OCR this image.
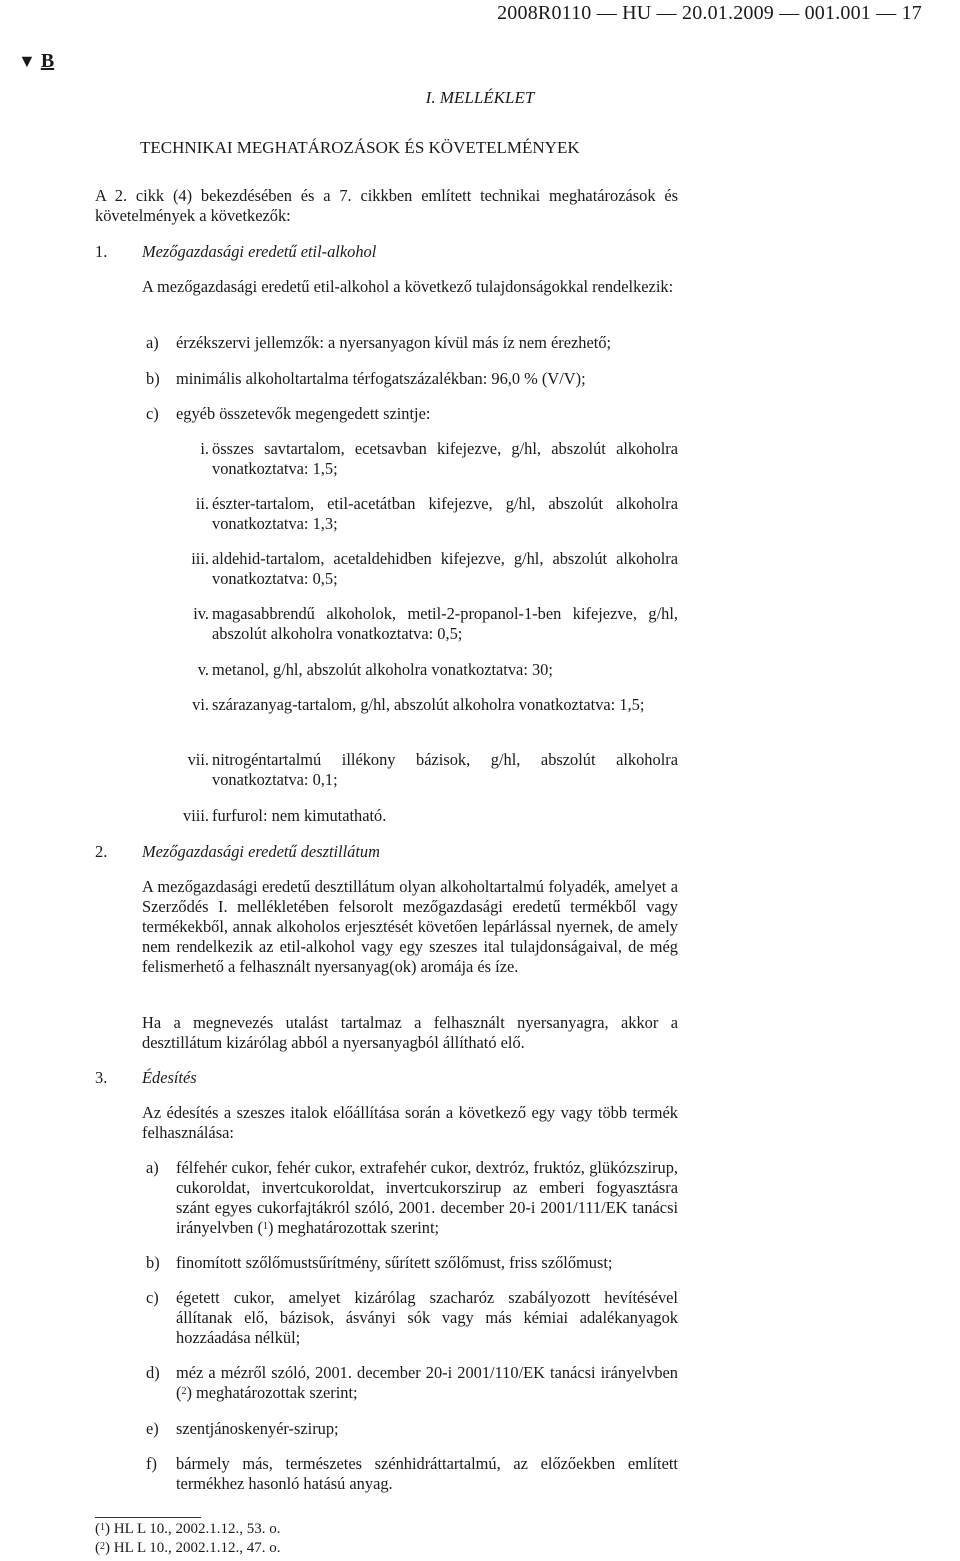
2008R0110 — HU — 20.01.2009 — 001.001 — 17
▼ B
I. MELLÉKLET
TECHNIKAI MEGHATÁROZÁSOK ÉS KÖVETELMÉNYEK
A 2. cikk (4) bekezdésében és a 7. cikkben említett technikai meghatározások és követelmények a következők:
1. Mezőgazdasági eredetű etil-alkohol
A mezőgazdasági eredetű etil-alkohol a következő tulajdonságokkal rendelkezik:
a) érzékszervi jellemzők: a nyersanyagon kívül más íz nem érezhető;
b) minimális alkoholtartalma térfogatszázalékban: 96,0 % (V/V);
c) egyéb összetevők megengedett szintje:
i. összes savtartalom, ecetsavban kifejezve, g/hl, abszolút alkoholra vonatkoztatva: 1,5;
ii. észter-tartalom, etil-acetátban kifejezve, g/hl, abszolút alkoholra vonatkoztatva: 1,3;
iii. aldehid-tartalom, acetaldehidben kifejezve, g/hl, abszolút alkoholra vonatkoztatva: 0,5;
iv. magasabbrendű alkoholok, metil-2-propanol-1-ben kifejezve, g/hl, abszolút alkoholra vonatkoztatva: 0,5;
v. metanol, g/hl, abszolút alkoholra vonatkoztatva: 30;
vi. szárazanyag-tartalom, g/hl, abszolút alkoholra vonatkoztatva: 1,5;
vii. nitrogéntartalmú illékony bázisok, g/hl, abszolút alkoholra vonatkoztatva: 0,1;
viii. furfurol: nem kimutatható.
2. Mezőgazdasági eredetű desztillátum
A mezőgazdasági eredetű desztillátum olyan alkoholtartalmú folyadék, amelyet a Szerződés I. mellékletében felsorolt mezőgazdasági eredetű termékből vagy termékekből, annak alkoholos erjesztését követően lepárlással nyernek, de amely nem rendelkezik az etil-alkohol vagy egy szeszes ital tulajdonságaival, de még felismerhető a felhasznált nyersanyag(ok) aromája és íze.
Ha a megnevezés utalást tartalmaz a felhasznált nyersanyagra, akkor a desztillátum kizárólag abból a nyersanyagból állítható elő.
3. Édesítés
Az édesítés a szeszes italok előállítása során a következő egy vagy több termék felhasználása:
a) félfehér cukor, fehér cukor, extrafehér cukor, dextróz, fruktóz, glükózszirup, cukoroldat, invertcukoroldat, invertcukorszirup az emberi fogyasztásra szánt egyes cukorfajtákról szóló, 2001. december 20-i 2001/111/EK tanácsi irányelvben ($^1$) meghatározottak szerint;
b) finomított szőlőmustsűrítmény, sűrített szőlőmust, friss szőlőmust;
c) égetett cukor, amelyet kizárólag szacharóz szabályozott hevítésével állítanak elő, bázisok, ásványi sók vagy más kémiai adalékanyagok hozzáadása nélkül;
d) méz a mézről szóló, 2001. december 20-i 2001/110/EK tanácsi irányelvben ($^2$) meghatározottak szerint;
e) szentjánoskenyér-szirup;
f) bármely más, természetes szénhidráttartalmú, az előzőekben említett termékhez hasonló hatású anyag.
($^1$) HL L 10., 2002.1.12., 53. o.
($^2$) HL L 10., 2002.1.12., 47. o.
